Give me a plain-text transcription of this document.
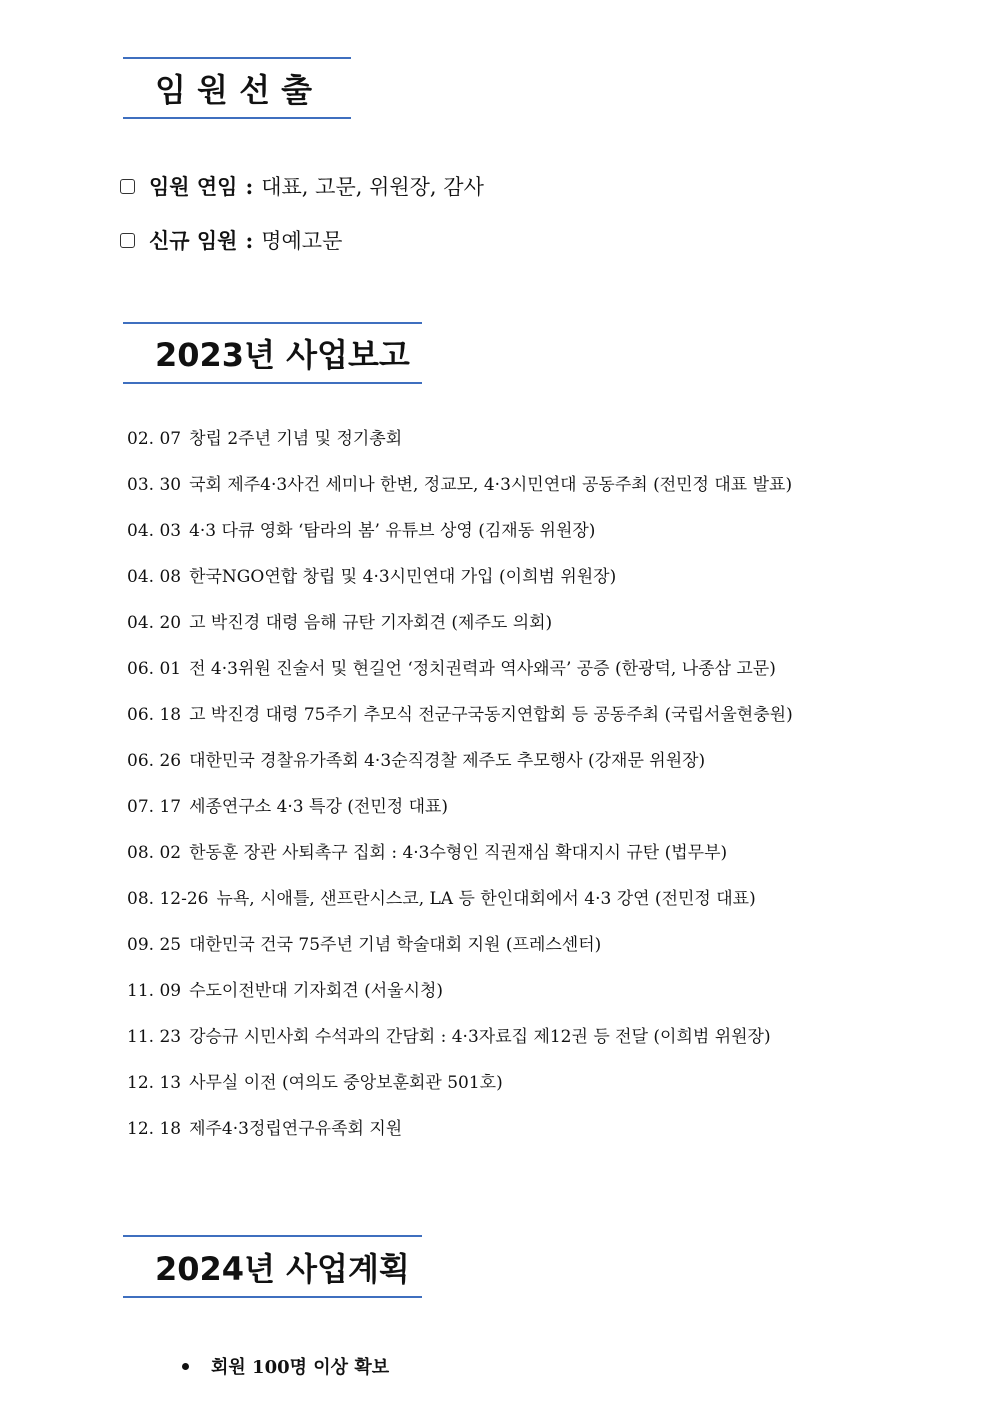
임 원 선 출
임원 연임 : 대표, 고문, 위원장, 감사
신규 임원 : 명예고문
2023년 사업보고
02. 07 창립 2주년 기념 및 정기총회
03. 30 국회 제주4·3사건 세미나 한변, 정교모, 4·3시민연대 공동주최 (전민정 대표 발표)
04. 03 4·3 다큐 영화 ‘탐라의 봄’ 유튜브 상영 (김재동 위원장)
04. 08 한국NGO연합 창립 및 4·3시민연대 가입 (이희범 위원장)
04. 20 고 박진경 대령 음해 규탄 기자회견 (제주도 의회)
06. 01 전 4·3위원 진술서 및 현길언 ‘정치권력과 역사왜곡’ 공증 (한광덕, 나종삼 고문)
06. 18 고 박진경 대령 75주기 추모식 전군구국동지연합회 등 공동주최 (국립서울현충원)
06. 26 대한민국 경찰유가족회 4·3순직경찰 제주도 추모행사 (강재문 위원장)
07. 17 세종연구소 4·3 특강 (전민정 대표)
08. 02 한동훈 장관 사퇴촉구 집회 : 4·3수형인 직권재심 확대지시 규탄 (법무부)
08. 12-26 뉴욕, 시애틀, 샌프란시스코, LA 등 한인대회에서 4·3 강연 (전민정 대표)
09. 25 대한민국 건국 75주년 기념 학술대회 지원 (프레스센터)
11. 09 수도이전반대 기자회견 (서울시청)
11. 23 강승규 시민사회 수석과의 간담회 : 4·3자료집 제12권 등 전달 (이희범 위원장)
12. 13 사무실 이전 (여의도 중앙보훈회관 501호)
12. 18 제주4·3정립연구유족회 지원
2024년 사업계획
회원 100명 이상 확보
